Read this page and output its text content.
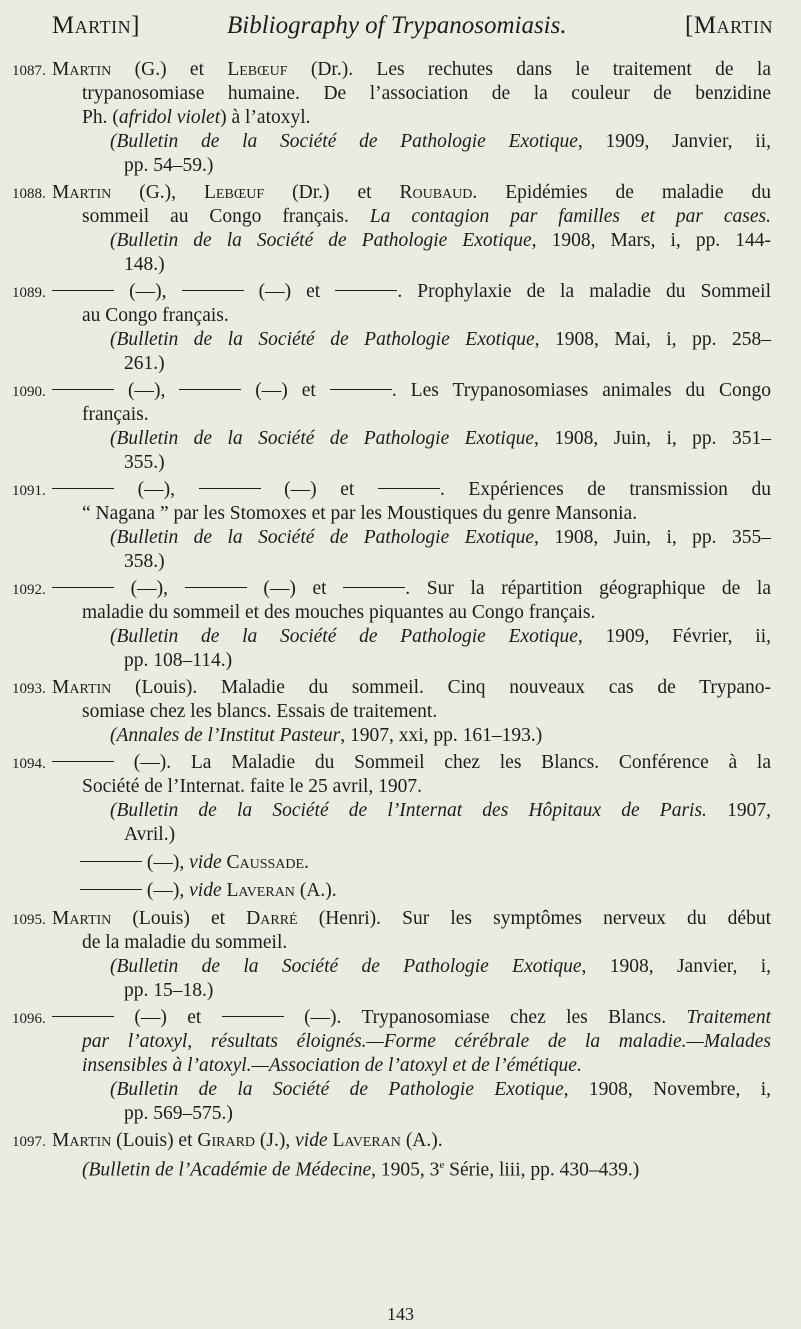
Martin]	Bibliography of Trypanosomiasis.	[Martin
1087. Martin (G.) et Lebœuf (Dr.). Les rechutes dans le traitement de la
trypanosomiase humaine. De l’association de la couleur de benzidine
Ph. (afridol violet) à l’atoxyl.
(Bulletin de la Société de Pathologie Exotique, 1909, Janvier, ii,
pp. 54–59.)
1088. Martin (G.), Lebœuf (Dr.) et Roubaud. Epidémies de maladie du
sommeil au Congo français. La contagion par familles et par cases.
(Bulletin de la Société de Pathologie Exotique, 1908, Mars, i, pp. 144-
148.)
1089.	(—),	(—) et	. Prophylaxie de la maladie du Sommeil
au Congo français.
(Bulletin de la Société de Pathologie Exotique, 1908, Mai, i, pp. 258–
261.)
1090.	(—),	(—) et	. Les Trypanosomiases animales du Congo
français.
(Bulletin de la Société de Pathologie Exotique, 1908, Juin, i, pp. 351–
355.)
1091.	(—),	(—) et	. Expériences de transmission du
“ Nagana ” par les Stomoxes et par les Moustiques du genre Mansonia.
(Bulletin de la Société de Pathologie Exotique, 1908, Juin, i, pp. 355–
358.)
1092.	(—),	(—) et	. Sur la répartition géographique de la
maladie du sommeil et des mouches piquantes au Congo français.
(Bulletin de la Société de Pathologie Exotique, 1909, Février, ii,
pp. 108–114.)
1093. Martin (Louis). Maladie du sommeil. Cinq nouveaux cas de Trypano-
somiase chez les blancs. Essais de traitement.
(Annales de l’Institut Pasteur, 1907, xxi, pp. 161–193.)
1094.	(—). La Maladie du Sommeil chez les Blancs. Conférence à la
Société de l’Internat. faite le 25 avril, 1907.
(Bulletin de la Société de l’Internat des Hôpitaux de Paris. 1907,
Avril.)
(—), vide Caussade.
(—), vide Laveran (A.).
1095. Martin (Louis) et Darré (Henri). Sur les symptômes nerveux du début
de la maladie du sommeil.
(Bulletin de la Société de Pathologie Exotique, 1908, Janvier, i,
pp. 15–18.)
1096.	(—) et	(—). Trypanosomiase chez les Blancs. Traitement
par l’atoxyl, résultats éloignés.—Forme cérébrale de la maladie.—Malades
insensibles à l’atoxyl.—Association de l’atoxyl et de l’émétique.
(Bulletin de la Société de Pathologie Exotique, 1908, Novembre, i,
pp. 569–575.)
1097. Martin (Louis) et Girard (J.), vide Laveran (A.).
(Bulletin de l’Académie de Médecine, 1905, 3e Série, liii, pp. 430–439.)
143
